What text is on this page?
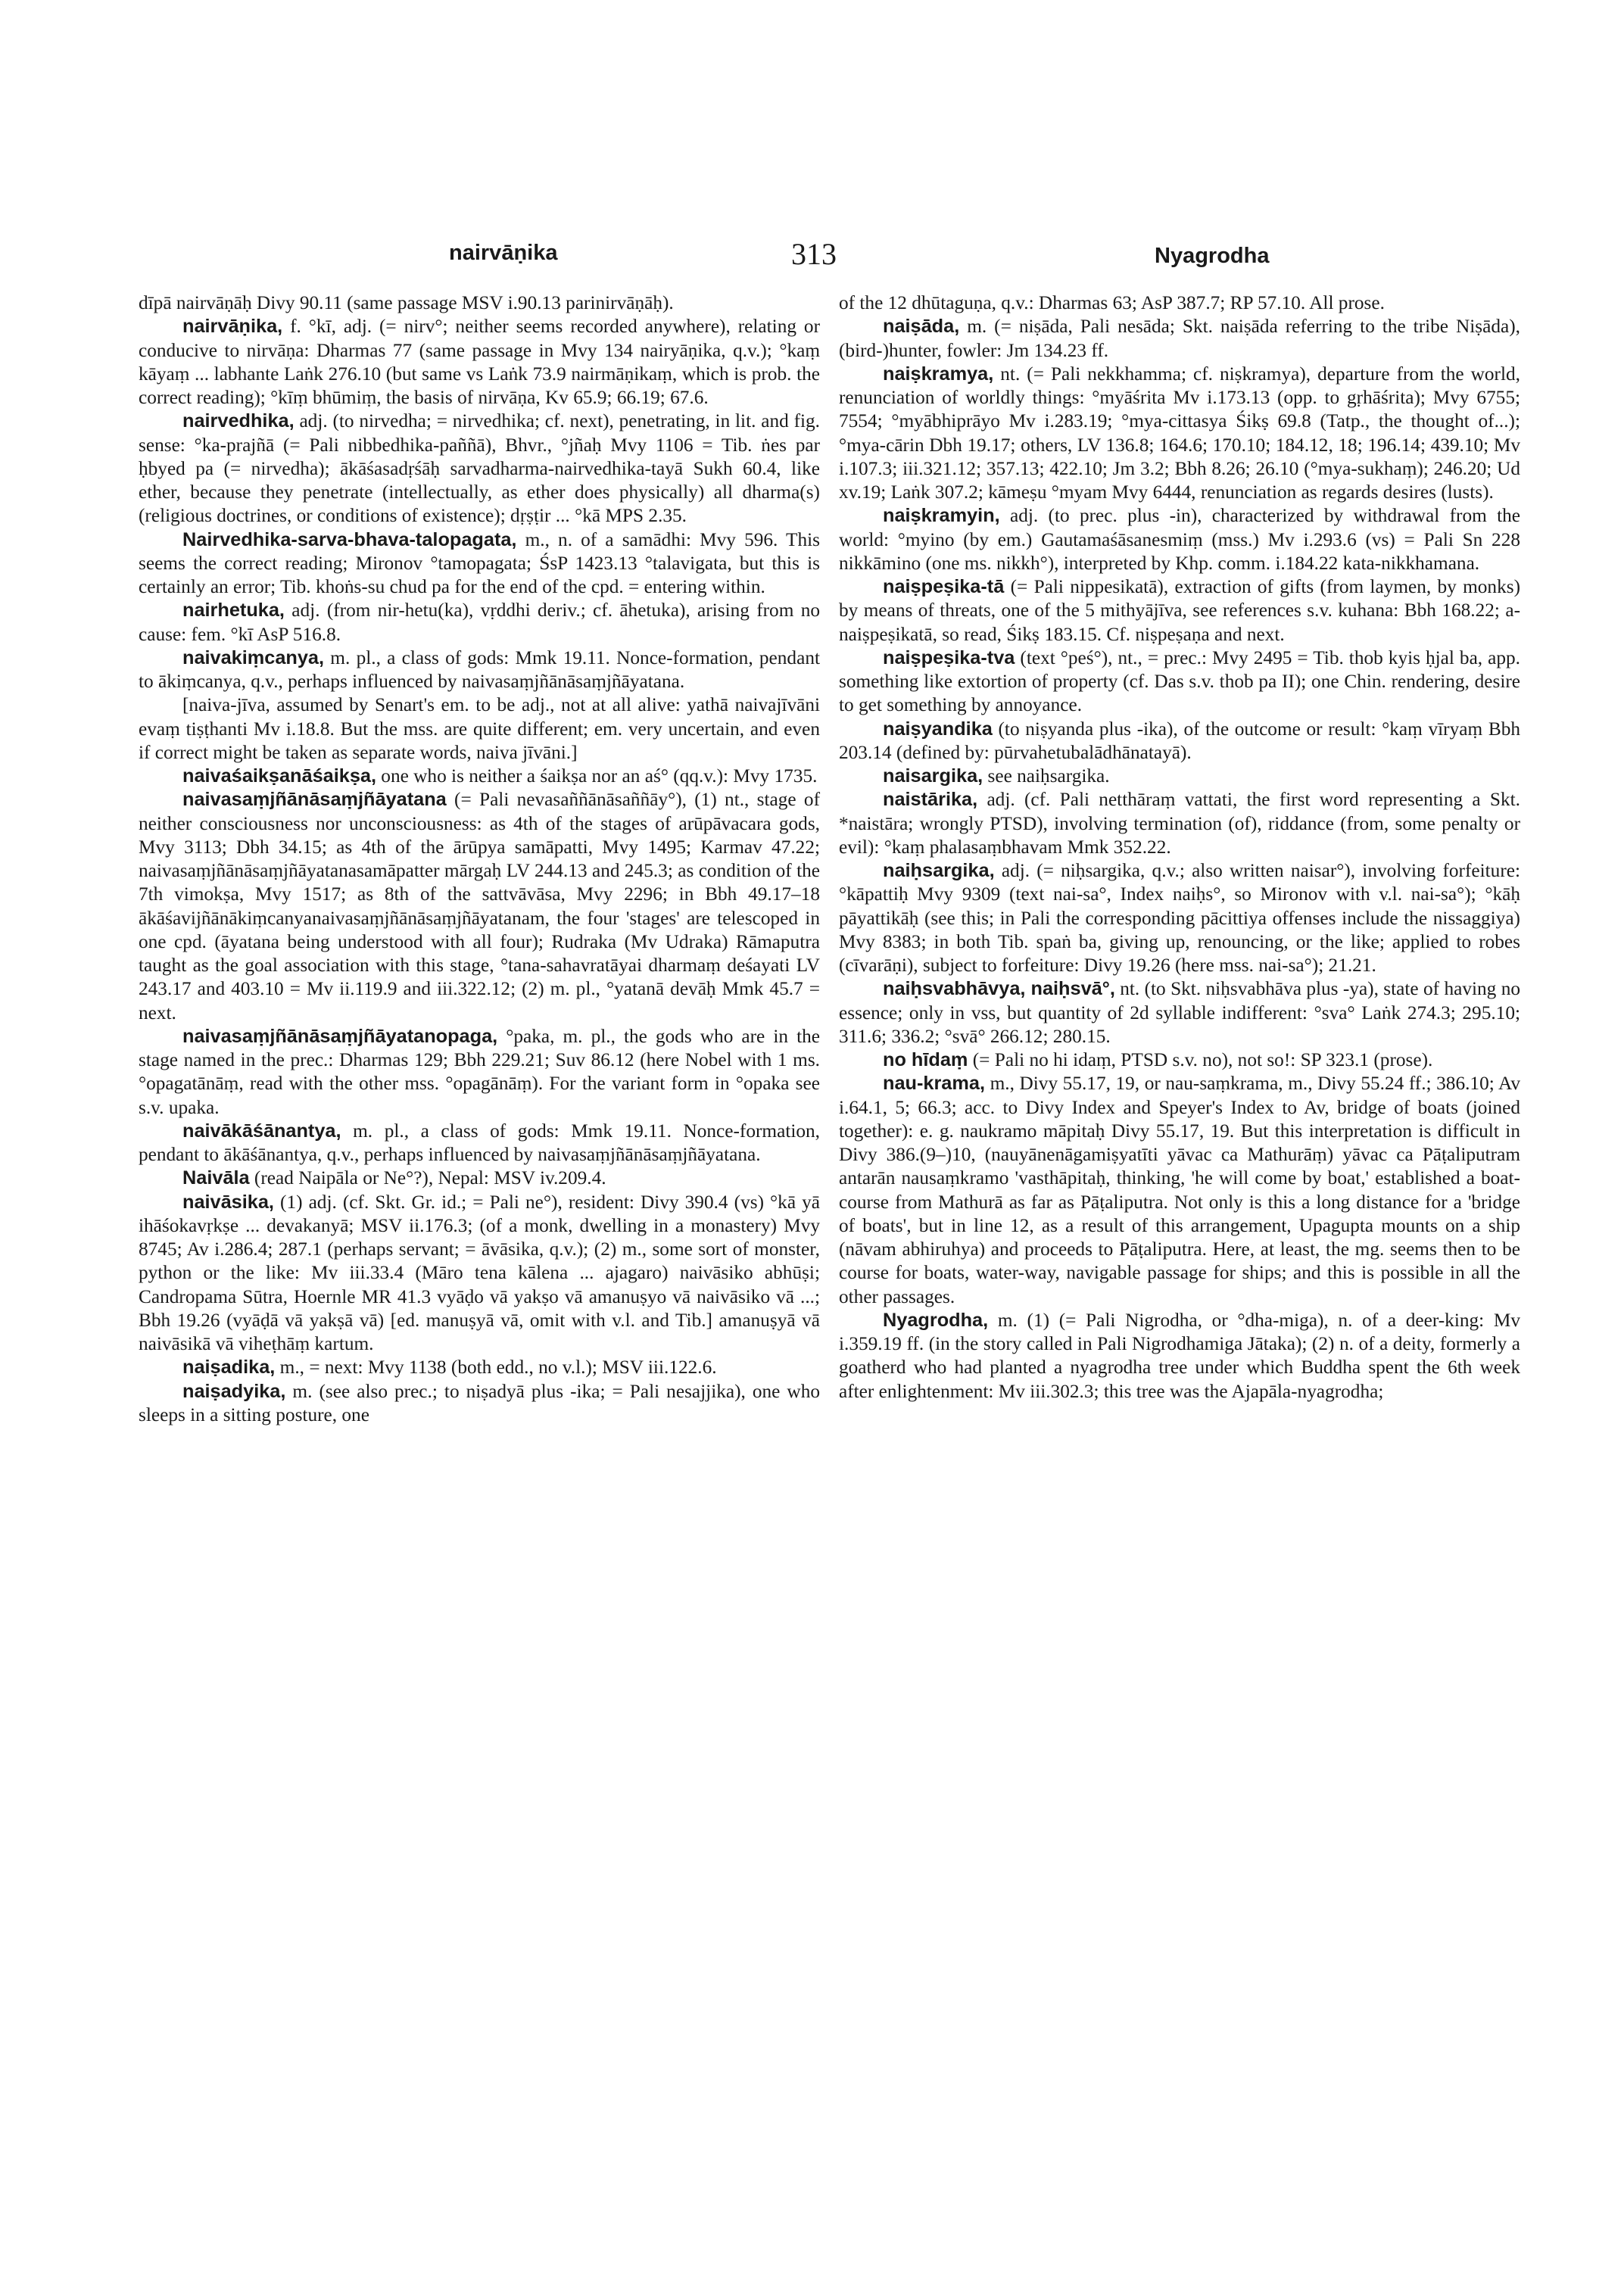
nairvāṇika	313	Nyagrodha

dīpā nairvāṇāḥ Divy 90.11 (same passage MSV i.90.13 parinirvāṇāḥ).

nairvāṇika, f. °kī, adj. (= nirv°; neither seems recorded anywhere), relating or conducive to nirvāṇa: Dharmas 77 (same passage in Mvy 134 nairyāṇika, q.v.); °kaṃ kāyaṃ ... labhante Laṅk 276.10 (but same vs Laṅk 73.9 nairmāṇikaṃ, which is prob. the correct reading); °kīṃ bhūmiṃ, the basis of nirvāṇa, Kv 65.9; 66.19; 67.6.

nairvedhika, adj. (to nirvedha; = nirvedhika; cf. next), penetrating, in lit. and fig. sense: °ka-prajñā (= Pali nibbedhika-paññā), Bhvr., °jñaḥ Mvy 1106 = Tib. ṅes par ḥbyed pa (= nirvedha); ākāśasadṛśāḥ sarvadharma-nairvedhika-tayā Sukh 60.4, like ether, because they penetrate (intellectually, as ether does physically) all dharma(s) (religious doctrines, or conditions of existence); dṛṣṭir ... °kā MPS 2.35.

Nairvedhika-sarva-bhava-talopagata, m., n. of a samādhi: Mvy 596. This seems the correct reading; Mironov °tamopagata; ŚsP 1423.13 °talavigata, but this is certainly an error; Tib. khoṅs-su chud pa for the end of the cpd. = entering within.

nairhetuka, adj. (from nir-hetu(ka), vṛddhi deriv.; cf. āhetuka), arising from no cause: fem. °kī AsP 516.8.

naivakiṃcanya, m. pl., a class of gods: Mmk 19.11. Nonce-formation, pendant to ākiṃcanya, q.v., perhaps influenced by naivasaṃjñānāsaṃjñāyatana.

[naiva-jīva, assumed by Senart's em. to be adj., not at all alive: yathā naivajīvāni evaṃ tiṣṭhanti Mv i.18.8. But the mss. are quite different; em. very uncertain, and even if correct might be taken as separate words, naiva jīvāni.]

naivaśaikṣanāśaikṣa, one who is neither a śaikṣa nor an aś° (qq.v.): Mvy 1735.

naivasaṃjñānāsaṃjñāyatana (= Pali nevasaññānāsaññāy°), (1) nt., stage of neither consciousness nor unconsciousness: as 4th of the stages of arūpāvacara gods, Mvy 3113; Dbh 34.15; as 4th of the ārūpya samāpatti, Mvy 1495; Karmav 47.22; naivasaṃjñānāsaṃjñāyatanasamāpatter mārgaḥ LV 244.13 and 245.3; as condition of the 7th vimokṣa, Mvy 1517; as 8th of the sattvāvāsa, Mvy 2296; in Bbh 49.17–18 ākāśavijñānākiṃcanyanaivasaṃjñānāsaṃjñāyatanam, the four 'stages' are telescoped in one cpd. (āyatana being understood with all four); Rudraka (Mv Udraka) Rāmaputra taught as the goal association with this stage, °tana-sahavratāyai dharmaṃ deśayati LV 243.17 and 403.10 = Mv ii.119.9 and iii.322.12; (2) m. pl., °yatanā devāḥ Mmk 45.7 = next.

naivasaṃjñānāsaṃjñāyatanopaga, °paka, m. pl., the gods who are in the stage named in the prec.: Dharmas 129; Bbh 229.21; Suv 86.12 (here Nobel with 1 ms. °opagatānāṃ, read with the other mss. °opagānāṃ). For the variant form in °opaka see s.v. upaka.

naivākāśānantya, m. pl., a class of gods: Mmk 19.11. Nonce-formation, pendant to ākāśānantya, q.v., perhaps influenced by naivasaṃjñānāsaṃjñāyatana.

Naivāla (read Naipāla or Ne°?), Nepal: MSV iv.209.4.

naivāsika, (1) adj. (cf. Skt. Gr. id.; = Pali ne°), resident: Divy 390.4 (vs) °kā yā ihāśokavṛkṣe ... devakanyā; MSV ii.176.3; (of a monk, dwelling in a monastery) Mvy 8745; Av i.286.4; 287.1 (perhaps servant; = āvāsika, q.v.); (2) m., some sort of monster, python or the like: Mv iii.33.4 (Māro tena kālena ... ajagaro) naivāsiko abhūṣi; Candropama Sūtra, Hoernle MR 41.3 vyāḍo vā yakṣo vā amanuṣyo vā naivāsiko vā ...; Bbh 19.26 (vyāḍā vā yakṣā vā) [ed. manuṣyā vā, omit with v.l. and Tib.] amanuṣyā vā naivāsikā vā viheṭhāṃ kartum.

naiṣadika, m., = next: Mvy 1138 (both edd., no v.l.); MSV iii.122.6.

naiṣadyika, m. (see also prec.; to niṣadyā plus -ika; = Pali nesajjika), one who sleeps in a sitting posture, one

of the 12 dhūtaguṇa, q.v.: Dharmas 63; AsP 387.7; RP 57.10. All prose.

naiṣāda, m. (= niṣāda, Pali nesāda; Skt. naiṣāda referring to the tribe Niṣāda), (bird-)hunter, fowler: Jm 134.23 ff.

naiṣkramya, nt. (= Pali nekkhamma; cf. niṣkramya), departure from the world, renunciation of worldly things: °myāśrita Mv i.173.13 (opp. to gṛhāśrita); Mvy 6755; 7554; °myābhiprāyo Mv i.283.19; °mya-cittasya Śikṣ 69.8 (Tatp., the thought of...); °mya-cārin Dbh 19.17; others, LV 136.8; 164.6; 170.10; 184.12, 18; 196.14; 439.10; Mv i.107.3; iii.321.12; 357.13; 422.10; Jm 3.2; Bbh 8.26; 26.10 (°mya-sukhaṃ); 246.20; Ud xv.19; Laṅk 307.2; kāmeṣu °myam Mvy 6444, renunciation as regards desires (lusts).

naiṣkramyin, adj. (to prec. plus -in), characterized by withdrawal from the world: °myino (by em.) Gautamaśāsanesmiṃ (mss.) Mv i.293.6 (vs) = Pali Sn 228 nikkāmino (one ms. nikkh°), interpreted by Khp. comm. i.184.22 kata-nikkhamana.

naiṣpeṣika-tā (= Pali nippesikatā), extraction of gifts (from laymen, by monks) by means of threats, one of the 5 mithyājīva, see references s.v. kuhana: Bbh 168.22; a-naiṣpeṣikatā, so read, Śikṣ 183.15. Cf. niṣpeṣaṇa and next.

naiṣpeṣika-tva (text °peś°), nt., = prec.: Mvy 2495 = Tib. thob kyis ḥjal ba, app. something like extortion of property (cf. Das s.v. thob pa II); one Chin. rendering, desire to get something by annoyance.

naiṣyandika (to niṣyanda plus -ika), of the outcome or result: °kaṃ vīryaṃ Bbh 203.14 (defined by: pūrvahetubalādhānatayā).

naisargika, see naiḥsargika.

naistārika, adj. (cf. Pali netthāraṃ vattati, the first word representing a Skt. *naistāra; wrongly PTSD), involving termination (of), riddance (from, some penalty or evil): °kaṃ phalasaṃbhavam Mmk 352.22.

naiḥsargika, adj. (= niḥsargika, q.v.; also written naisar°), involving forfeiture: °kāpattiḥ Mvy 9309 (text nai-sa°, Index naiḥs°, so Mironov with v.l. nai-sa°); °kāḥ pāyattikāḥ (see this; in Pali the corresponding pācittiya offenses include the nissaggiya) Mvy 8383; in both Tib. spaṅ ba, giving up, renouncing, or the like; applied to robes (cīvarāṇi), subject to forfeiture: Divy 19.26 (here mss. nai-sa°); 21.21.

naiḥsvabhāvya, naiḥsvā°, nt. (to Skt. niḥsvabhāva plus -ya), state of having no essence; only in vss, but quantity of 2d syllable indifferent: °sva° Laṅk 274.3; 295.10; 311.6; 336.2; °svā° 266.12; 280.15.

no hīdaṃ (= Pali no hi idaṃ, PTSD s.v. no), not so!: SP 323.1 (prose).

nau-krama, m., Divy 55.17, 19, or nau-saṃkrama, m., Divy 55.24 ff.; 386.10; Av i.64.1, 5; 66.3; acc. to Divy Index and Speyer's Index to Av, bridge of boats (joined together): e. g. naukramo māpitaḥ Divy 55.17, 19. But this interpretation is difficult in Divy 386.(9–)10, (nauyānenāgamiṣyatīti yāvac ca Mathurāṃ) yāvac ca Pāṭaliputram antarān nausaṃkramo 'vasthāpitaḥ, thinking, 'he will come by boat,' established a boat-course from Mathurā as far as Pāṭaliputra. Not only is this a long distance for a 'bridge of boats', but in line 12, as a result of this arrangement, Upagupta mounts on a ship (nāvam abhiruhya) and proceeds to Pāṭaliputra. Here, at least, the mg. seems then to be course for boats, water-way, navigable passage for ships; and this is possible in all the other passages.

Nyagrodha, m. (1) (= Pali Nigrodha, or °dha-miga), n. of a deer-king: Mv i.359.19 ff. (in the story called in Pali Nigrodhamiga Jātaka); (2) n. of a deity, formerly a goatherd who had planted a nyagrodha tree under which Buddha spent the 6th week after enlightenment: Mv iii.302.3; this tree was the Ajapāla-nyagrodha;
